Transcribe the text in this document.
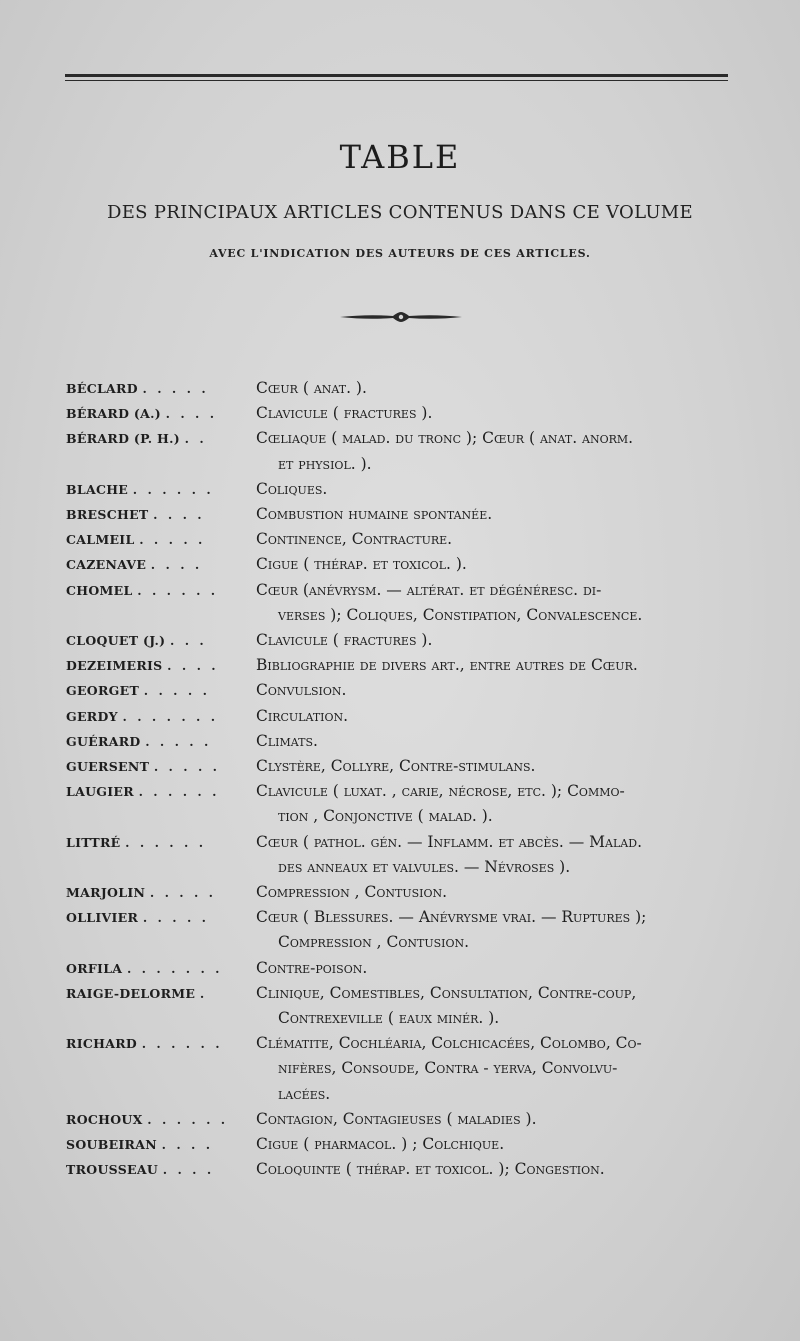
TABLE
DES PRINCIPAUX ARTICLES CONTENUS DANS CE VOLUME
AVEC L'INDICATION DES AUTEURS DE CES ARTICLES.
BÉCLARD . . . . .	Cœur ( anat. ).
BÉRARD (A.) . . . .	Clavicule ( fractures ).
BÉRARD (P. H.) . .	Cœliaque ( malad. du tronc ); Cœur ( anat. anorm.
et physiol. ).
BLACHE . . . . . .	Coliques.
BRESCHET . . . .	Combustion humaine spontanée.
CALMEIL . . . . .	Continence, Contracture.
CAZENAVE . . . .	Cigue ( thérap. et toxicol. ).
CHOMEL . . . . . .	Cœur (anévrysm. — altérat. et dégénéresc. di-
verses ); Coliques, Constipation, Convalescence.
CLOQUET (J.) . . .	Clavicule ( fractures ).
DEZEIMERIS . . . .	Bibliographie de divers art., entre autres de Cœur.
GEORGET . . . . .	Convulsion.
GERDY . . . . . . .	Circulation.
GUÉRARD . . . . .	Climats.
GUERSENT . . . . .	Clystère, Collyre, Contre-stimulans.
LAUGIER . . . . . .	Clavicule ( luxat. , carie, nécrose, etc. ); Commo-
tion , Conjonctive ( malad. ).
LITTRÉ . . . . . .	Cœur ( pathol. gén. — Inflamm. et abcès. — Malad.
des anneaux et valvules. — Névroses ).
MARJOLIN . . . . .	Compression , Contusion.
OLLIVIER . . . . .	Cœur ( Blessures. — Anévrysme vrai. — Ruptures );
Compression , Contusion.
ORFILA . . . . . . .	Contre-poison.
RAIGE-DELORME .	Clinique, Comestibles, Consultation, Contre-coup,
Contrexeville ( eaux minér. ).
RICHARD . . . . . .	Clématite, Cochléaria, Colchicacées, Colombo, Co-
nifères, Consoude, Contra - yerva, Convolvu-
lacées.
ROCHOUX . . . . . .	Contagion, Contagieuses ( maladies ).
SOUBEIRAN . . . .	Cigue ( pharmacol. ) ; Colchique.
TROUSSEAU . . . .	Coloquinte ( thérap. et toxicol. ); Congestion.
